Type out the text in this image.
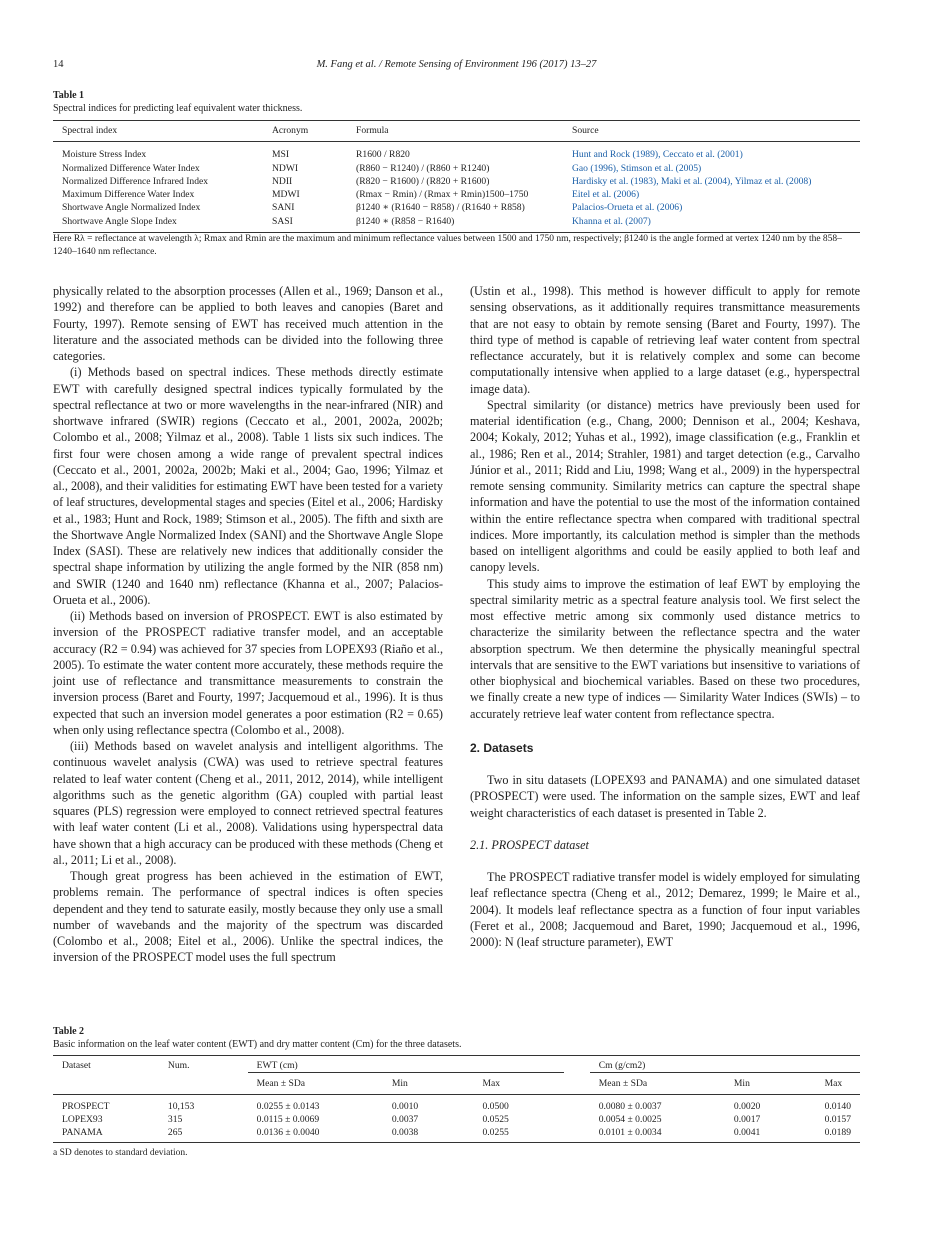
14	M. Fang et al. / Remote Sensing of Environment 196 (2017) 13–27
Table 1
Spectral indices for predicting leaf equivalent water thickness.
Spectral index	Acronym	Formula	Source
Moisture Stress Index	MSI	R1600 / R820	Hunt and Rock (1989), Ceccato et al. (2001)
Normalized Difference Water Index	NDWI	(R860 − R1240) / (R860 + R1240)	Gao (1996), Stimson et al. (2005)
Normalized Difference Infrared Index	NDII	(R820 − R1600) / (R820 + R1600)	Hardisky et al. (1983), Maki et al. (2004), Yilmaz et al. (2008)
Maximum Difference Water Index	MDWI	(Rmax − Rmin) / (Rmax + Rmin)1500–1750	Eitel et al. (2006)
Shortwave Angle Normalized Index	SANI	β1240 ∗ (R1640 − R858) / (R1640 + R858)	Palacios-Orueta et al. (2006)
Shortwave Angle Slope Index	SASI	β1240 ∗ (R858 − R1640)	Khanna et al. (2007)
Here Rλ = reflectance at wavelength λ; Rmax and Rmin are the maximum and minimum reflectance values between 1500 and 1750 nm, respectively; β1240 is the angle formed at vertex 1240 nm by the 858–1240–1640 nm reflectance.

physically related to the absorption processes (Allen et al., 1969; Danson et al., 1992) and therefore can be applied to both leaves and canopies (Baret and Fourty, 1997). Remote sensing of EWT has received much attention in the literature and the associated methods can be divided into the following three categories.

(i) Methods based on spectral indices. These methods directly estimate EWT with carefully designed spectral indices typically formulated by the spectral reflectance at two or more wavelengths in the near-infrared (NIR) and shortwave infrared (SWIR) regions (Ceccato et al., 2001, 2002a, 2002b; Colombo et al., 2008; Yilmaz et al., 2008). Table 1 lists six such indices. The first four were chosen among a wide range of prevalent spectral indices (Ceccato et al., 2001, 2002a, 2002b; Maki et al., 2004; Gao, 1996; Yilmaz et al., 2008), and their validities for estimating EWT have been tested for a variety of leaf structures, developmental stages and species (Eitel et al., 2006; Hardisky et al., 1983; Hunt and Rock, 1989; Stimson et al., 2005). The fifth and sixth are the Shortwave Angle Normalized Index (SANI) and the Shortwave Angle Slope Index (SASI). These are relatively new indices that additionally consider the spectral shape information by utilizing the angle formed by the NIR (858 nm) and SWIR (1240 and 1640 nm) reflectance (Khanna et al., 2007; Palacios-Orueta et al., 2006).

(ii) Methods based on inversion of PROSPECT. EWT is also estimated by inversion of the PROSPECT radiative transfer model, and an acceptable accuracy (R2 = 0.94) was achieved for 37 species from LOPEX93 (Riaño et al., 2005). To estimate the water content more accurately, these methods require the joint use of reflectance and transmittance measurements to constrain the inversion process (Baret and Fourty, 1997; Jacquemoud et al., 1996). It is thus expected that such an inversion model generates a poor estimation (R2 = 0.65) when only using reflectance spectra (Colombo et al., 2008).

(iii) Methods based on wavelet analysis and intelligent algorithms. The continuous wavelet analysis (CWA) was used to retrieve spectral features related to leaf water content (Cheng et al., 2011, 2012, 2014), while intelligent algorithms such as the genetic algorithm (GA) coupled with partial least squares (PLS) regression were employed to connect retrieved spectral features with leaf water content (Li et al., 2008). Validations using hyperspectral data have shown that a high accuracy can be produced with these methods (Cheng et al., 2011; Li et al., 2008).

Though great progress has been achieved in the estimation of EWT, problems remain. The performance of spectral indices is often species dependent and they tend to saturate easily, mostly because they only use a small number of wavebands and the majority of the spectrum was discarded (Colombo et al., 2008; Eitel et al., 2006). Unlike the spectral indices, the inversion of the PROSPECT model uses the full spectrum

(Ustin et al., 1998). This method is however difficult to apply for remote sensing observations, as it additionally requires transmittance measurements that are not easy to obtain by remote sensing (Baret and Fourty, 1997). The third type of method is capable of retrieving leaf water content from spectral reflectance accurately, but it is relatively complex and some can become computationally intensive when applied to a large dataset (e.g., hyperspectral image data).

Spectral similarity (or distance) metrics have previously been used for material identification (e.g., Chang, 2000; Dennison et al., 2004; Keshava, 2004; Kokaly, 2012; Yuhas et al., 1992), image classification (e.g., Franklin et al., 1986; Ren et al., 2014; Strahler, 1981) and target detection (e.g., Carvalho Júnior et al., 2011; Ridd and Liu, 1998; Wang et al., 2009) in the hyperspectral remote sensing community. Similarity metrics can capture the spectral shape information and have the potential to use the most of the information contained within the entire reflectance spectra when compared with traditional spectral indices. More importantly, its calculation method is simpler than the methods based on intelligent algorithms and could be easily applied to both leaf and canopy levels.

This study aims to improve the estimation of leaf EWT by employing the spectral similarity metric as a spectral feature analysis tool. We first select the most effective metric among six commonly used distance metrics to characterize the similarity between the reflectance spectra and the water absorption spectrum. We then determine the physically meaningful spectral intervals that are sensitive to the EWT variations but insensitive to variations of other biophysical and biochemical variables. Based on these two procedures, we finally create a new type of indices — Similarity Water Indices (SWIs) – to accurately retrieve leaf water content from reflectance spectra.

2. Datasets

Two in situ datasets (LOPEX93 and PANAMA) and one simulated dataset (PROSPECT) were used. The information on the sample sizes, EWT and leaf weight characteristics of each dataset is presented in Table 2.

2.1. PROSPECT dataset

The PROSPECT radiative transfer model is widely employed for simulating leaf reflectance spectra (Cheng et al., 2012; Demarez, 1999; le Maire et al., 2004). It models leaf reflectance spectra as a function of four input variables (Feret et al., 2008; Jacquemoud and Baret, 1990; Jacquemoud et al., 1996, 2000): N (leaf structure parameter), EWT

Table 2
Basic information on the leaf water content (EWT) and dry matter content (Cm) for the three datasets.
Dataset	Num.	EWT (cm)				Cm (g/cm2)		
		Mean ± SDa	Min	Max		Mean ± SDa	Min	Max
PROSPECT	10,153	0.0255 ± 0.0143	0.0010	0.0500		0.0080 ± 0.0037	0.0020	0.0140
LOPEX93	315	0.0115 ± 0.0069	0.0037	0.0525		0.0054 ± 0.0025	0.0017	0.0157
PANAMA	265	0.0136 ± 0.0040	0.0038	0.0255		0.0101 ± 0.0034	0.0041	0.0189
a SD denotes to standard deviation.
